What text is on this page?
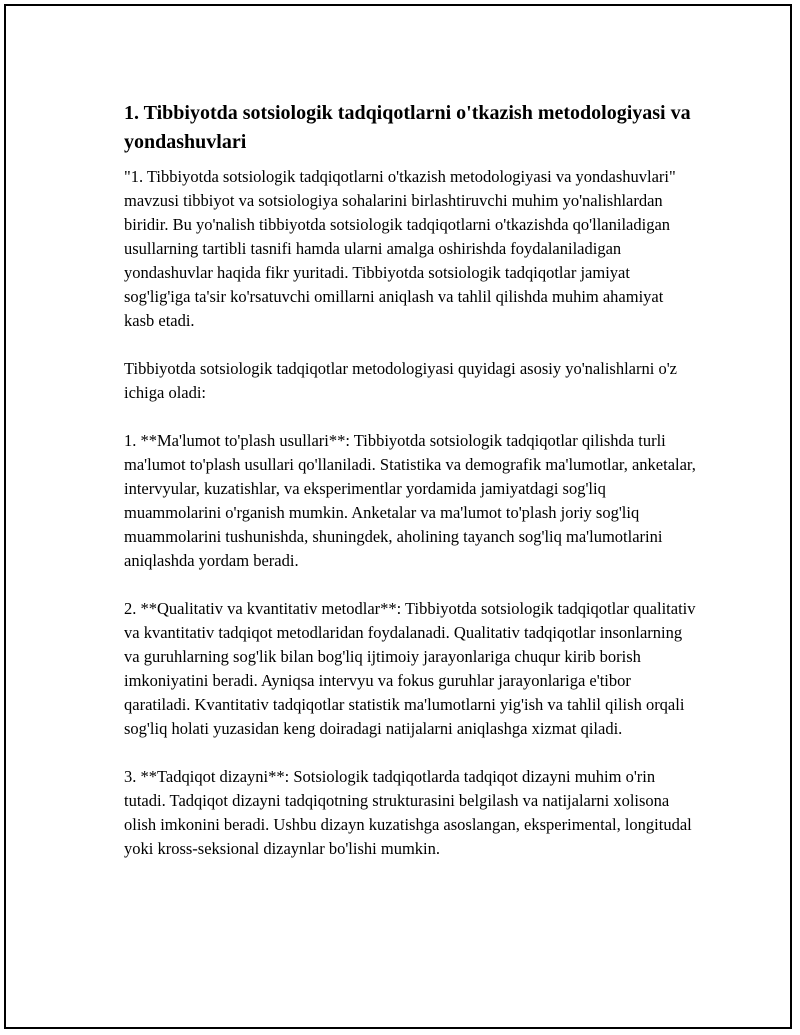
1. Tibbiyotda sotsiologik tadqiqotlarni o'tkazish metodologiyasi va yondashuvlari

"1. Tibbiyotda sotsiologik tadqiqotlarni o'tkazish metodologiyasi va yondashuvlari" mavzusi tibbiyot va sotsiologiya sohalarini birlashtiruvchi muhim yo'nalishlardan biridir. Bu yo'nalish tibbiyotda sotsiologik tadqiqotlarni o'tkazishda qo'llaniladigan usullarning tartibli tasnifi hamda ularni amalga oshirishda foydalaniladigan yondashuvlar haqida fikr yuritadi. Tibbiyotda sotsiologik tadqiqotlar jamiyat sog'lig'iga ta'sir ko'rsatuvchi omillarni aniqlash va tahlil qilishda muhim ahamiyat kasb etadi.

Tibbiyotda sotsiologik tadqiqotlar metodologiyasi quyidagi asosiy yo'nalishlarni o'z ichiga oladi:

1. **Ma'lumot to'plash usullari**: Tibbiyotda sotsiologik tadqiqotlar qilishda turli ma'lumot to'plash usullari qo'llaniladi. Statistika va demografik ma'lumotlar, anketalar, intervyular, kuzatishlar, va eksperimentlar yordamida jamiyatdagi sog'liq muammolarini o'rganish mumkin. Anketalar va ma'lumot to'plash joriy sog'liq muammolarini tushunishda, shuningdek, aholining tayanch sog'liq ma'lumotlarini aniqlashda yordam beradi.

2. **Qualitativ va kvantitativ metodlar**: Tibbiyotda sotsiologik tadqiqotlar qualitativ va kvantitativ tadqiqot metodlaridan foydalanadi. Qualitativ tadqiqotlar insonlarning va guruhlarning sog'lik bilan bog'liq ijtimoiy jarayonlariga chuqur kirib borish imkoniyatini beradi. Ayniqsa intervyu va fokus guruhlar jarayonlariga e'tibor qaratiladi. Kvantitativ tadqiqotlar statistik ma'lumotlarni yig'ish va tahlil qilish orqali sog'liq holati yuzasidan keng doiradagi natijalarni aniqlashga xizmat qiladi.

3. **Tadqiqot dizayni**: Sotsiologik tadqiqotlarda tadqiqot dizayni muhim o'rin tutadi. Tadqiqot dizayni tadqiqotning strukturasini belgilash va natijalarni xolisona olish imkonini beradi. Ushbu dizayn kuzatishga asoslangan, eksperimental, longitudal yoki kross-seksional dizaynlar bo'lishi mumkin.
